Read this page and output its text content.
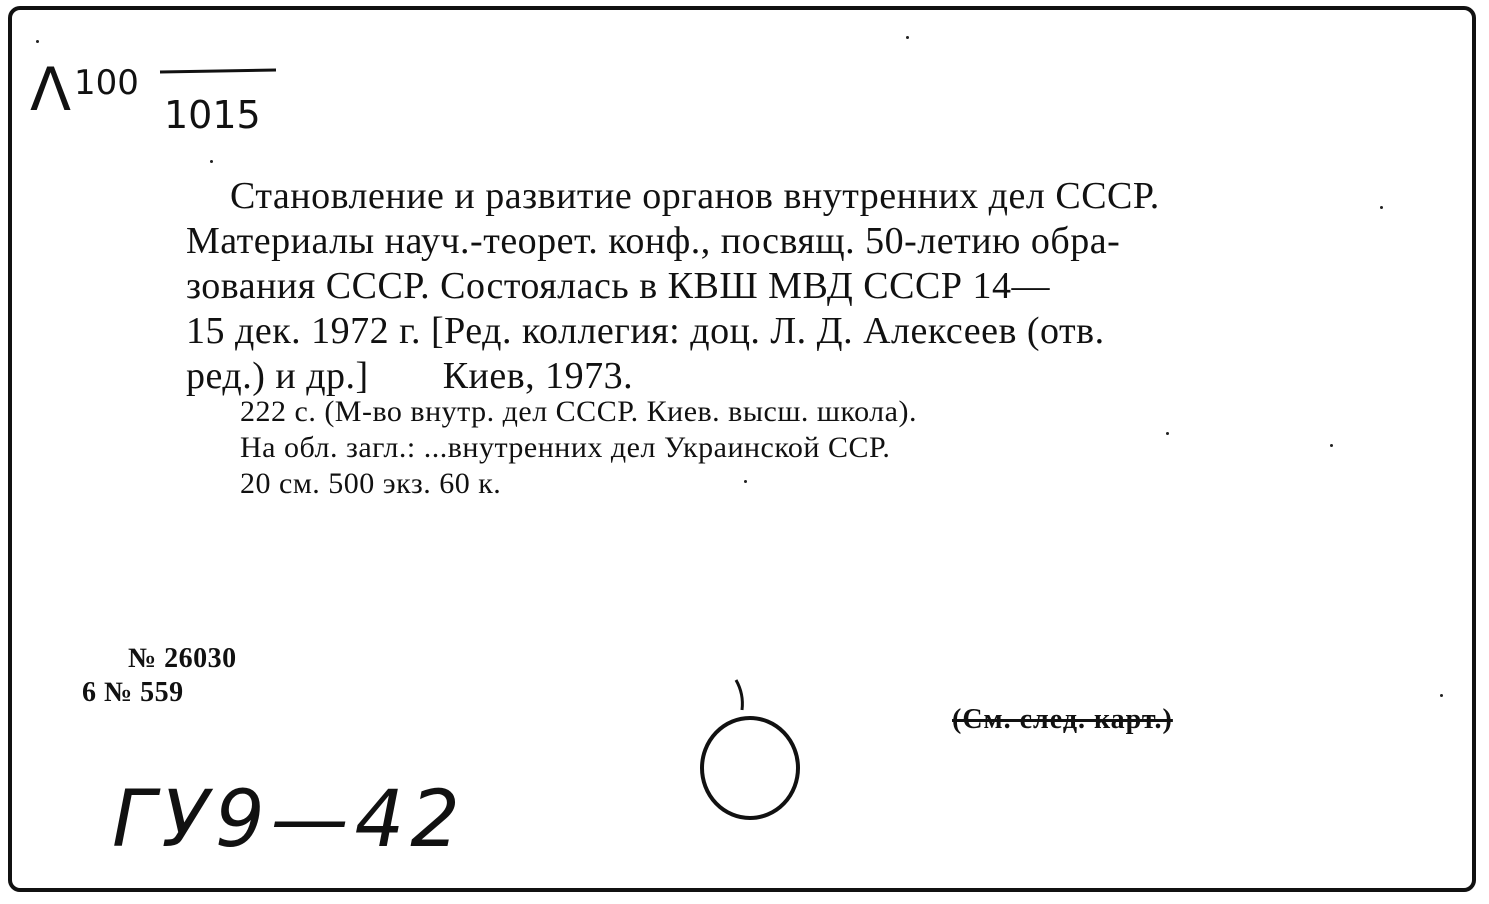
Λ 100
1015
Становление и развитие органов внутренних дел СССР.
Материалы науч.-теорет. конф., посвящ. 50-летию обра-
зования СССР. Состоялась в КВШ МВД СССР 14—
15 дек. 1972 г. [Ред. коллегия: доц. Л. Д. Алексеев (отв.
ред.) и др.] Киев, 1973.
222 с. (М-во внутр. дел СССР. Киев. высш. школа).
На обл. загл.: ...внутренних дел Украинской ССР.
20 см. 500 экз. 60 к.
№ 26030
6 № 559
(См. след. карт.)
ГУ9—42
